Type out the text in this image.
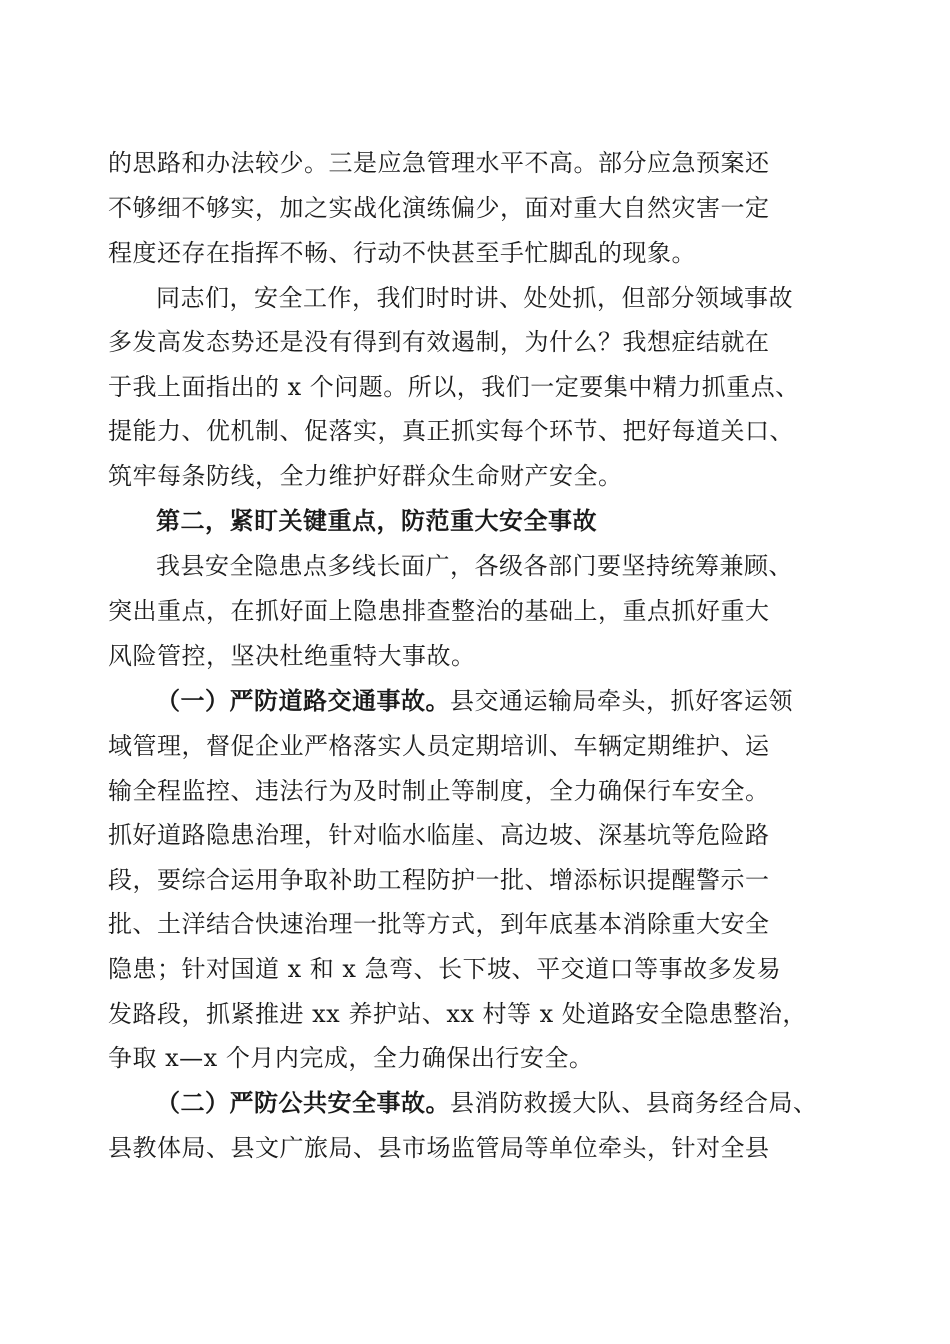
的思路和办法较少。三是应急管理水平不高。部分应急预案还
不够细不够实，加之实战化演练偏少，面对重大自然灾害一定
程度还存在指挥不畅、行动不快甚至手忙脚乱的现象。
同志们，安全工作，我们时时讲、处处抓，但部分领域事故
多发高发态势还是没有得到有效遏制，为什么？我想症结就在
于我上面指出的 x 个问题。所以，我们一定要集中精力抓重点、
提能力、优机制、促落实，真正抓实每个环节、把好每道关口、
筑牢每条防线，全力维护好群众生命财产安全。
第二，紧盯关键重点，防范重大安全事故
我县安全隐患点多线长面广，各级各部门要坚持统筹兼顾、
突出重点，在抓好面上隐患排查整治的基础上，重点抓好重大
风险管控，坚决杜绝重特大事故。
（一）严防道路交通事故。县交通运输局牵头，抓好客运领
域管理，督促企业严格落实人员定期培训、车辆定期维护、运
输全程监控、违法行为及时制止等制度，全力确保行车安全。
抓好道路隐患治理，针对临水临崖、高边坡、深基坑等危险路
段，要综合运用争取补助工程防护一批、增添标识提醒警示一
批、土洋结合快速治理一批等方式，到年底基本消除重大安全
隐患；针对国道 x 和 x 急弯、长下坡、平交道口等事故多发易
发路段，抓紧推进 xx 养护站、xx 村等 x 处道路安全隐患整治，
争取 x—x 个月内完成，全力确保出行安全。
（二）严防公共安全事故。县消防救援大队、县商务经合局、
县教体局、县文广旅局、县市场监管局等单位牵头，针对全县
